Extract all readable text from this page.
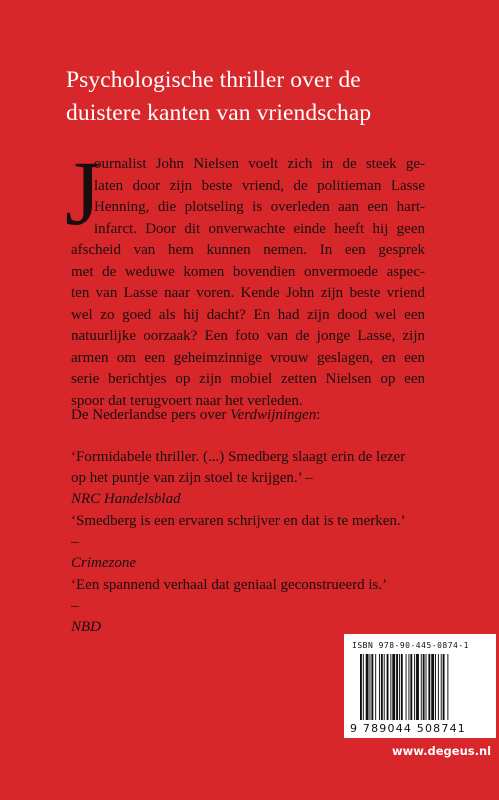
Psychologische thriller over de
duistere kanten van vriendschap
J
ournalist John Nielsen voelt zich in de steek ge-
laten door zijn beste vriend, de politieman Lasse
Henning, die plotseling is overleden aan een hart-
infarct. Door dit onverwachte einde heeft hij geen
afscheid van hem kunnen nemen. In een gesprek
met de weduwe komen bovendien onvermoede aspec-
ten van Lasse naar voren. Kende John zijn beste vriend
wel zo goed als hij dacht? En had zijn dood wel een
natuurlijke oorzaak? Een foto van de jonge Lasse, zijn
armen om een geheimzinnige vrouw geslagen, en een
serie berichtjes op zijn mobiel zetten Nielsen op een
spoor dat terugvoert naar het verleden.
De Nederlandse pers over Verdwijningen:
‘Formidabele thriller. (...) Smedberg slaagt erin de lezer
op het puntje van zijn stoel te krijgen.’ –
NRC Handelsblad
‘Smedberg is een ervaren schrijver en dat is te merken.’
–
Crimezone
‘Een spannend verhaal dat geniaal geconstrueerd is.’
–
NBD
ISBN 978-90-445-0874-1
9 789044 508741
www.degeus.nl
